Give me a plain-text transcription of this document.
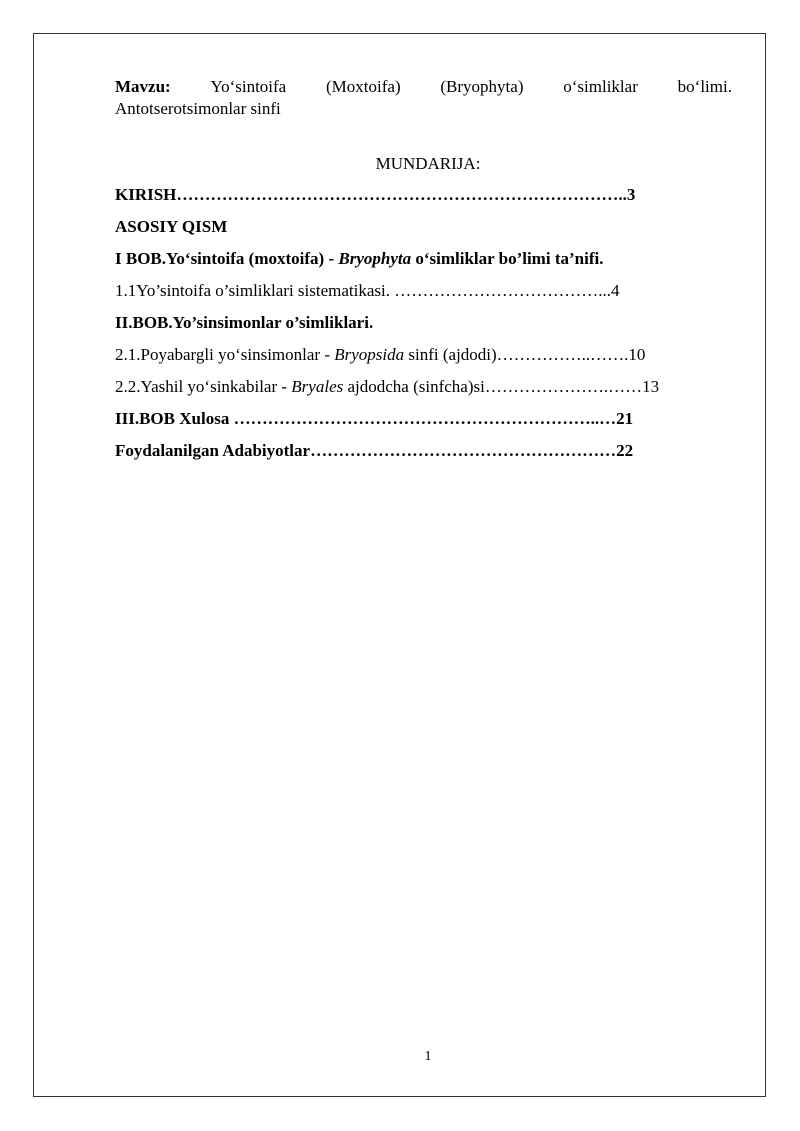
Mavzu: Yo‘sintoifa (Moxtoifa) (Bryophyta) o‘simliklar bo‘limi.
Antotserotsimonlar sinfi
MUNDARIJA:
KIRISH……………………………………………………………………..3
ASOSIY QISM
I BOB.Yo‘sintoifa (moxtoifa) - Bryophyta o‘simliklar bo’limi ta’nifi.
1.1Yo’sintoifa o’simliklari sistematikasi. ………………………………...4
II.BOB.Yo’sinsimonlar o’simliklari.
2.1.Poyabargli yo‘sinsimonlar - Bryopsida sinfi (ajdodi)……………..…….10
2.2.Yashil yo‘sinkabilar - Bryales ajdodcha (sinfcha)si………………….……13
III.BOB Xulosa ………………………………………………………..…21
Foydalanilgan Adabiyotlar………………………………………………22
1
